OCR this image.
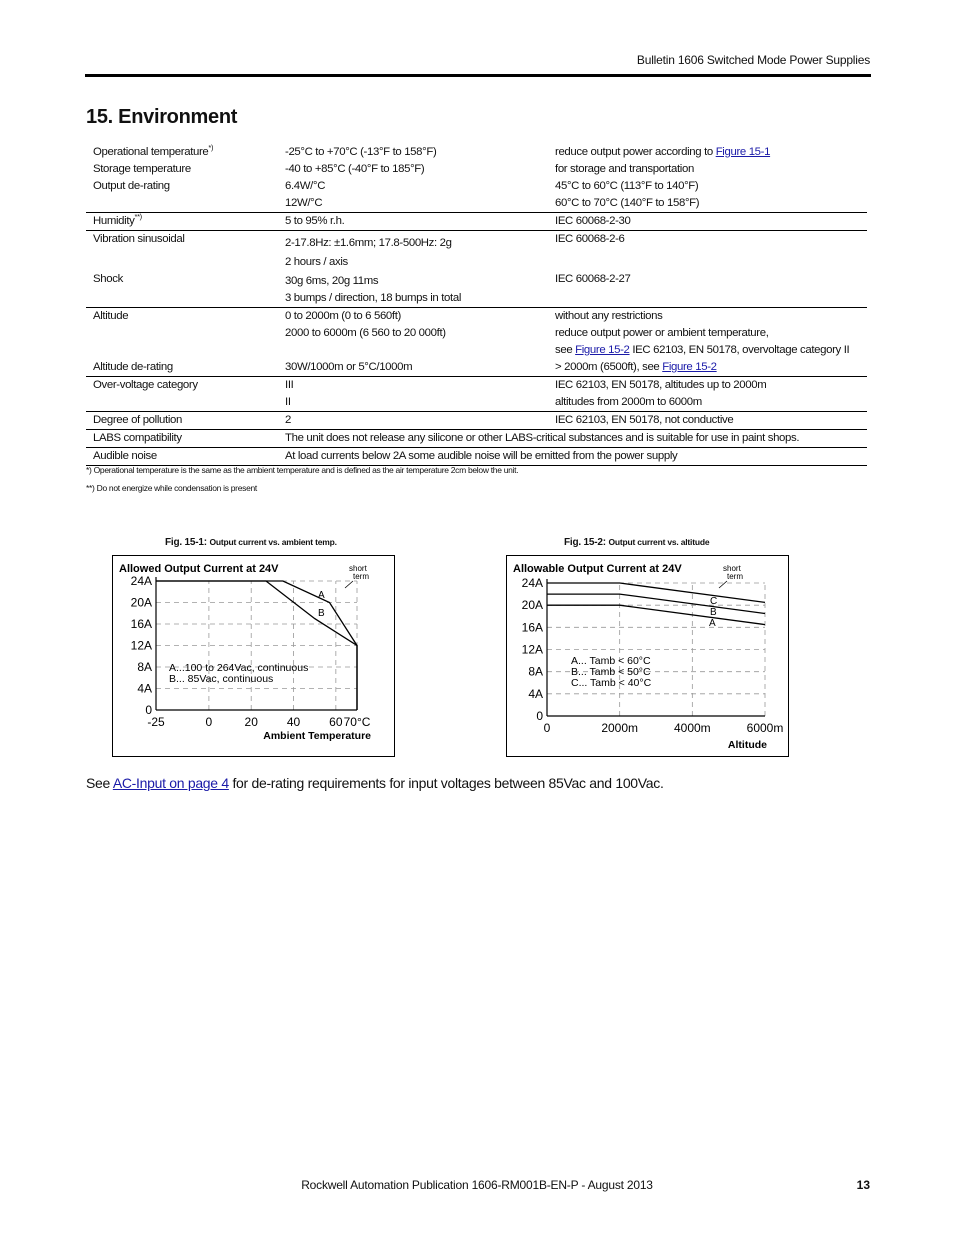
Bulletin 1606 Switched Mode Power Supplies
15. Environment
Operational temperature*)	-25°C to +70°C (-13°F to 158°F)	reduce output power according to Figure 15-1
Storage temperature	-40 to +85°C (-40°F to 185°F)	for storage and transportation
Output de-rating	6.4W/°C	45°C to 60°C (113°F to 140°F)
	12W/°C	60°C to 70°C (140°F to 158°F)
Humidity**)	5 to 95% r.h.	IEC 60068-2-30
Vibration sinusoidal	2-17.8Hz: ±1.6mm; 17.8-500Hz: 2g	IEC 60068-2-6
	2 hours / axis	
Shock	30g 6ms, 20g 11ms	IEC 60068-2-27
	3 bumps / direction, 18 bumps in total	
Altitude	0 to 2000m (0 to 6 560ft)	without any restrictions
	2000 to 6000m (6 560 to 20 000ft)	reduce output power or ambient temperature,
		see Figure 15-2 IEC 62103, EN 50178, overvoltage category II
Altitude de-rating	30W/1000m or 5°C/1000m	> 2000m (6500ft), see Figure 15-2
Over-voltage category	III	IEC 62103, EN 50178, altitudes up to 2000m
	II	altitudes from 2000m to 6000m
Degree of pollution	2	IEC 62103, EN 50178, not conductive
LABS compatibility	The unit does not release any silicone or other LABS-critical substances and is suitable for use in paint shops.	
Audible noise	At load currents below 2A some audible noise will be emitted from the power supply	
*) Operational temperature is the same as the ambient temperature and is defined as the air temperature 2cm below the unit.
**) Do not energize while condensation is present
Fig. 15-1: Output current vs. ambient temp.	Fig. 15-2: Output current vs. altitude
Allowed Output Current at 24V
0
4A
8A
12A
16A
20A
24A
-25	0	20 40 60 70°C
A
B
short
term
A...100 to 264Vac, continuous
B... 85Vac, continuous
Ambient Temperature
Allowable Output Current at 24V
0
4A
8A
12A
16A
20A
24A
0	2000m	4000m	6000m
C
B
A
short
term
A... Tamb < 60°C
B... Tamb < 50°C
C... Tamb < 40°C
Altitude
See AC-Input on page 4 for de-rating requirements for input voltages between 85Vac and 100Vac.
Rockwell Automation Publication 1606-RM001B-EN-P - August 2013	13
